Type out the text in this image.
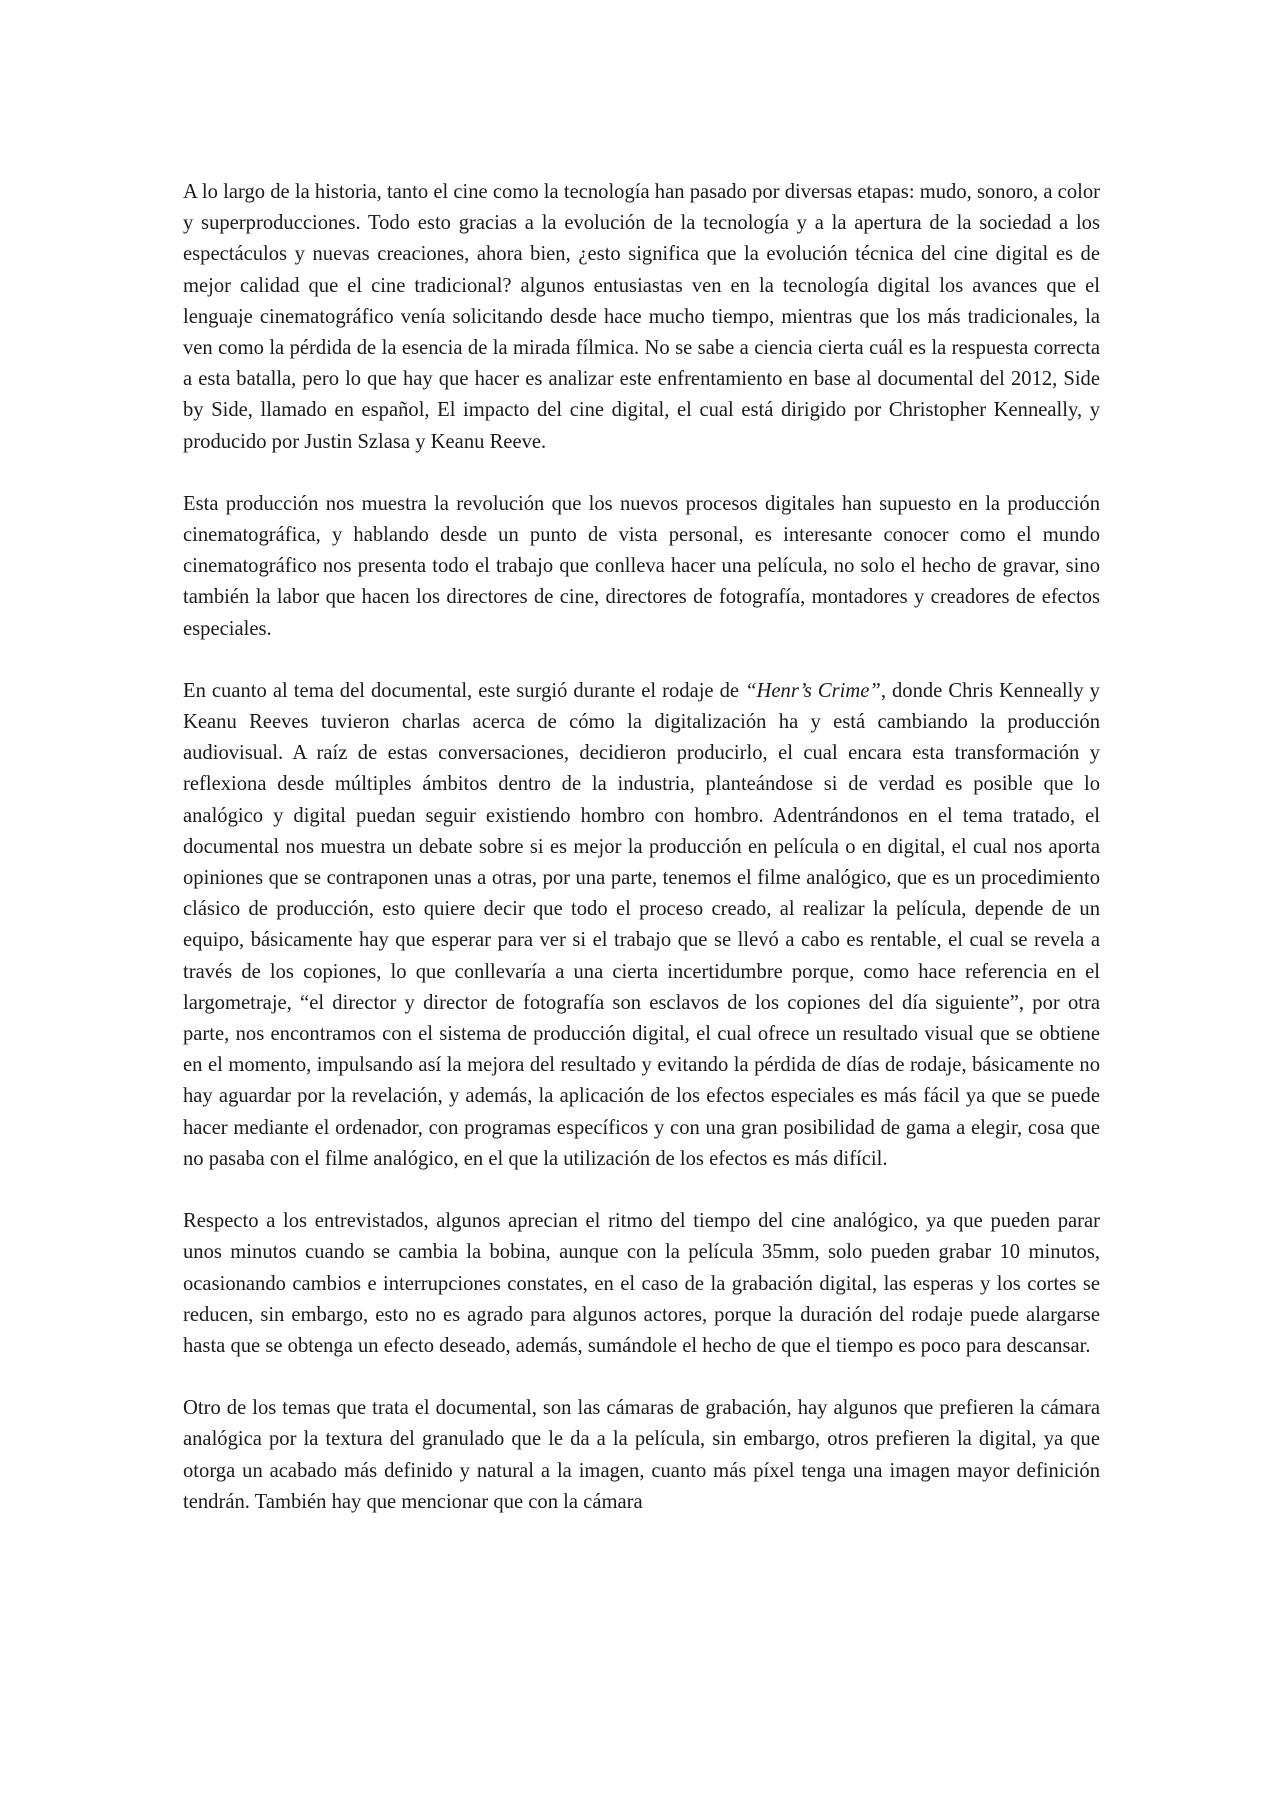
A lo largo de la historia, tanto el cine como la tecnología han pasado por diversas etapas: mudo, sonoro, a color y superproducciones. Todo esto gracias a la evolución de la tecnología y a la apertura de la sociedad a los espectáculos y nuevas creaciones, ahora bien, ¿esto significa que la evolución técnica del cine digital es de mejor calidad que el cine tradicional? algunos entusiastas ven en la tecnología digital los avances que el lenguaje cinematográfico venía solicitando desde hace mucho tiempo, mientras que los más tradicionales, la ven como la pérdida de la esencia de la mirada fílmica. No se sabe a ciencia cierta cuál es la respuesta correcta a esta batalla, pero lo que hay que hacer es analizar este enfrentamiento en base al documental del 2012, Side by Side, llamado en español, El impacto del cine digital, el cual está dirigido por Christopher Kenneally, y producido por Justin Szlasa y Keanu Reeve.

Esta producción nos muestra la revolución que los nuevos procesos digitales han supuesto en la producción cinematográfica, y hablando desde un punto de vista personal, es interesante conocer como el mundo cinematográfico nos presenta todo el trabajo que conlleva hacer una película, no solo el hecho de gravar, sino también la labor que hacen los directores de cine, directores de fotografía, montadores y creadores de efectos especiales.

En cuanto al tema del documental, este surgió durante el rodaje de “Henr’s Crime”, donde Chris Kenneally y Keanu Reeves tuvieron charlas acerca de cómo la digitalización ha y está cambiando la producción audiovisual. A raíz de estas conversaciones, decidieron producirlo, el cual encara esta transformación y reflexiona desde múltiples ámbitos dentro de la industria, planteándose si de verdad es posible que lo analógico y digital puedan seguir existiendo hombro con hombro. Adentrándonos en el tema tratado, el documental nos muestra un debate sobre si es mejor la producción en película o en digital, el cual nos aporta opiniones que se contraponen unas a otras, por una parte, tenemos el filme analógico, que es un procedimiento clásico de producción, esto quiere decir que todo el proceso creado, al realizar la película, depende de un equipo, básicamente hay que esperar para ver si el trabajo que se llevó a cabo es rentable, el cual se revela a través de los copiones, lo que conllevaría a una cierta incertidumbre porque, como hace referencia en el largometraje, “el director y director de fotografía son esclavos de los copiones del día siguiente”, por otra parte, nos encontramos con el sistema de producción digital, el cual ofrece un resultado visual que se obtiene en el momento, impulsando así la mejora del resultado y evitando la pérdida de días de rodaje, básicamente no hay aguardar por la revelación, y además, la aplicación de los efectos especiales es más fácil ya que se puede hacer mediante el ordenador, con programas específicos y con una gran posibilidad de gama a elegir, cosa que no pasaba con el filme analógico, en el que la utilización de los efectos es más difícil.

Respecto a los entrevistados, algunos aprecian el ritmo del tiempo del cine analógico, ya que pueden parar unos minutos cuando se cambia la bobina, aunque con la película 35mm, solo pueden grabar 10 minutos, ocasionando cambios e interrupciones constates, en el caso de la grabación digital, las esperas y los cortes se reducen, sin embargo, esto no es agrado para algunos actores, porque la duración del rodaje puede alargarse hasta que se obtenga un efecto deseado, además, sumándole el hecho de que el tiempo es poco para descansar.

Otro de los temas que trata el documental, son las cámaras de grabación, hay algunos que prefieren la cámara analógica por la textura del granulado que le da a la película, sin embargo, otros prefieren la digital, ya que otorga un acabado más definido y natural a la imagen, cuanto más píxel tenga una imagen mayor definición tendrán. También hay que mencionar que con la cámara
